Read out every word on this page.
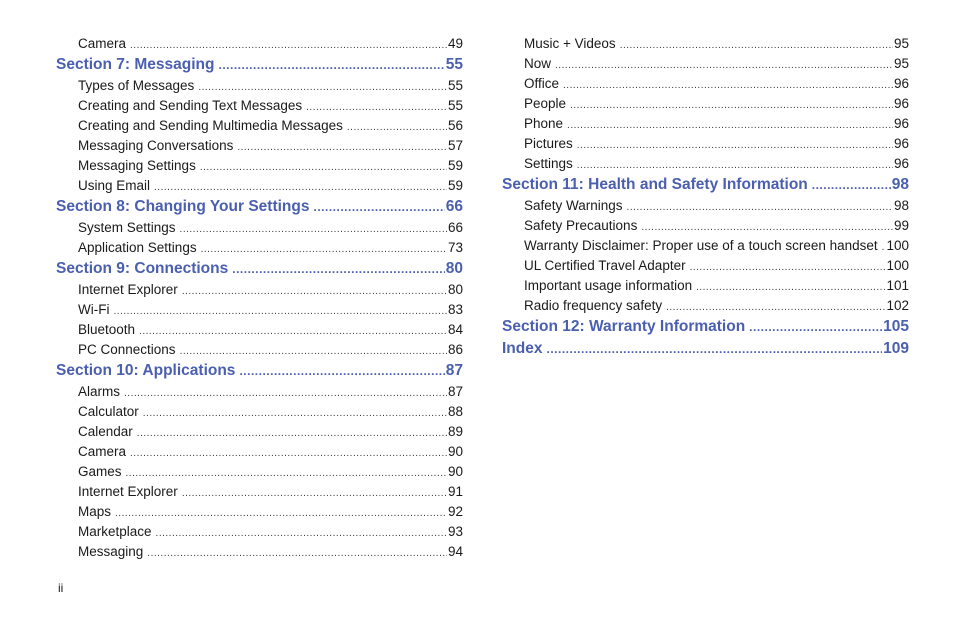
Camera .....	49
Section 7: Messaging .....	55
Types of Messages .....	55
Creating and Sending Text Messages .....	55
Creating and Sending Multimedia Messages .....	56
Messaging Conversations .....	57
Messaging Settings .....	59
Using Email .....	59
Section 8: Changing Your Settings .....	66
System Settings .....	66
Application Settings .....	73
Section 9: Connections .....	80
Internet Explorer .....	80
Wi-Fi .....	83
Bluetooth .....	84
PC Connections .....	86
Section 10: Applications .....	87
Alarms .....	87
Calculator .....	88
Calendar .....	89
Camera .....	90
Games .....	90
Internet Explorer .....	91
Maps .....	92
Marketplace .....	93
Messaging .....	94
Music + Videos .....	95
Now .....	95
Office .....	96
People .....	96
Phone .....	96
Pictures .....	96
Settings .....	96
Section 11: Health and Safety Information .....	98
Safety Warnings .....	98
Safety Precautions .....	99
Warranty Disclaimer: Proper use of a touch screen handset ..... 100
UL Certified Travel Adapter .....	100
Important usage information .....	101
Radio frequency safety .....	102
Section 12: Warranty Information .....	105
Index .....	109
ii
